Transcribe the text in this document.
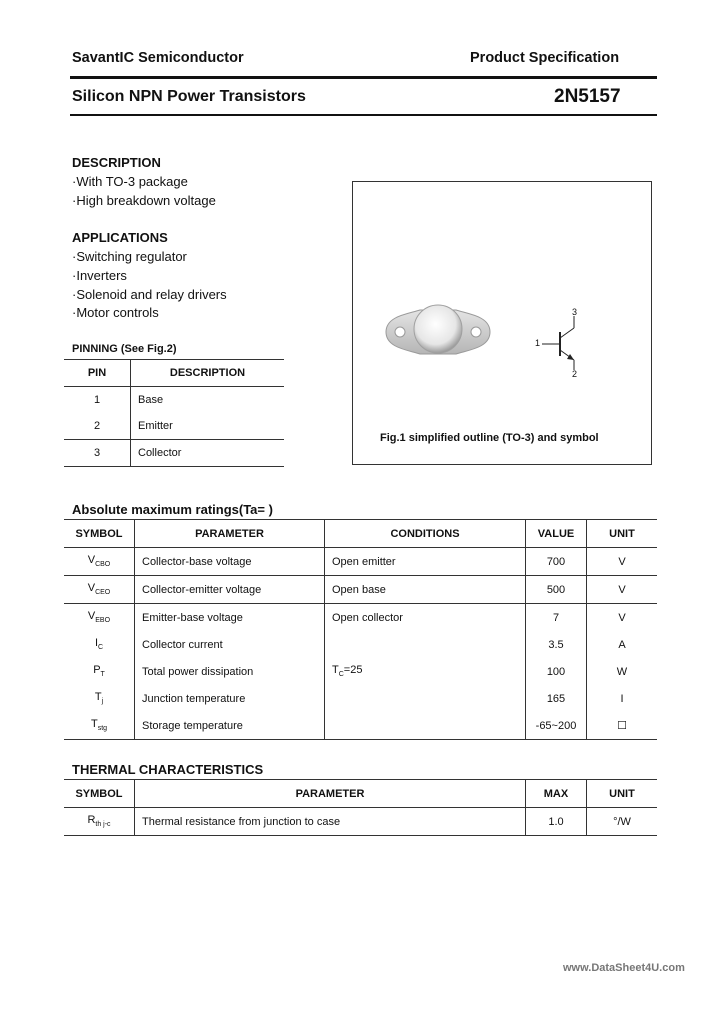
SavantIC Semiconductor	Product Specification
Silicon NPN Power Transistors	2N5157
DESCRIPTION
·With TO-3 package
·High breakdown voltage
APPLICATIONS
·Switching regulator
·Inverters
·Solenoid and relay drivers
·Motor controls
PINNING (See Fig.2)
PIN	DESCRIPTION
1	Base
2	Emitter
3	Collector
1
3
2
Fig.1 simplified outline (TO-3) and symbol
Absolute maximum ratings(Ta= )
SYMBOL	PARAMETER	CONDITIONS	VALUE	UNIT
$V_{CBO}$	Collector-base voltage	Open emitter	700	V
$V_{CEO}$	Collector-emitter voltage	Open base	500	V
$V_{EBO}$	Emitter-base voltage	Open collector	7	V
$I_C$	Collector current		3.5	A
$P_T$	Total power dissipation	$T_C=25$	100	W
$T_j$	Junction temperature		165	I
$T_{stg}$	Storage temperature		-65~200	☐
THERMAL CHARACTERISTICS
SYMBOL	PARAMETER	MAX	UNIT
$R_{th j-c}$	Thermal resistance from junction to case	1.0	°/W
www.DataSheet4U.com
